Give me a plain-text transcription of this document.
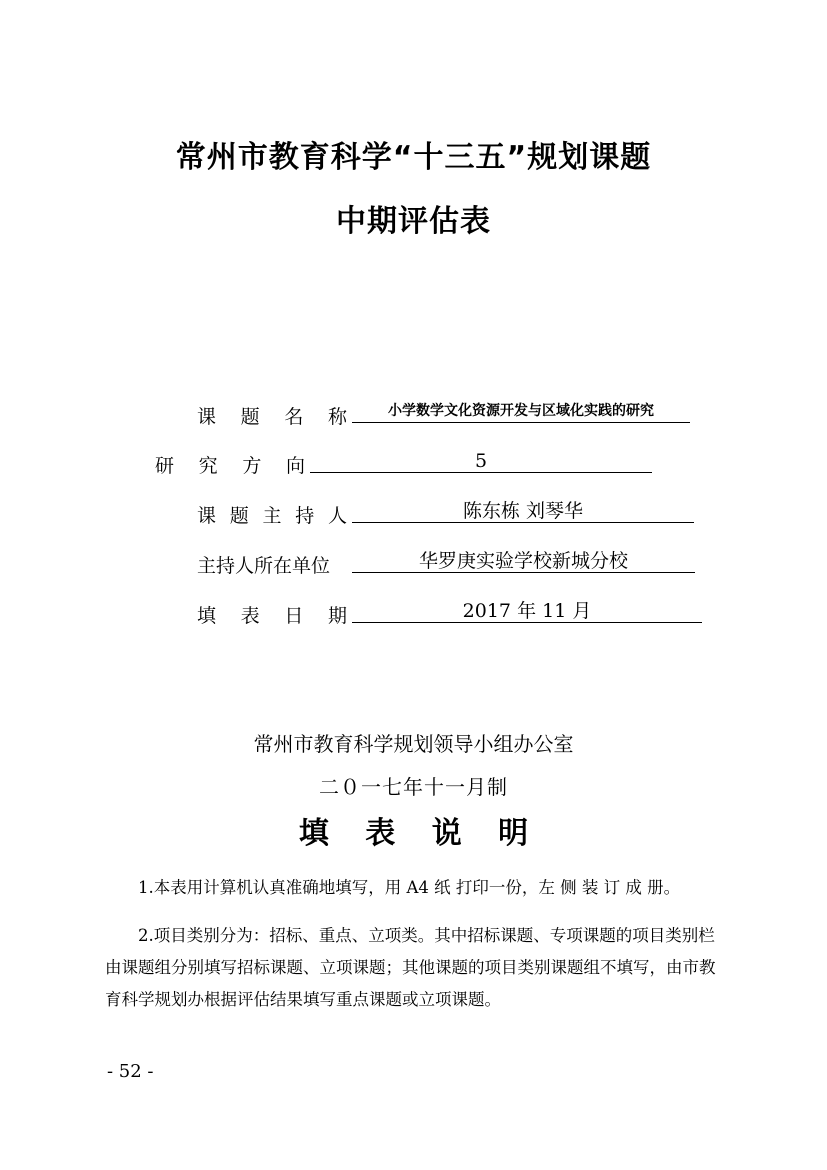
常州市教育科学“十三五”规划课题
中期评估表
课 题 名 称	小学数学文化资源开发与区域化实践的研究
研 究 方 向	5
课 题 主 持 人	陈东栋 刘琴华
主持人所在单位	华罗庚实验学校新城分校
填 表 日 期	2017 年 11 月
常州市教育科学规划领导小组办公室
二０一七年十一月制
填 表 说 明
1.本表用计算机认真准确地填写，用 A4 纸 打印一份，左 侧 装 订 成 册。
2.项目类别分为：招标、重点、立项类。其中招标课题、专项课题的项目类别栏由课题组分别填写招标课题、立项课题；其他课题的项目类别课题组不填写，由市教育科学规划办根据评估结果填写重点课题或立项课题。
- 52 -
